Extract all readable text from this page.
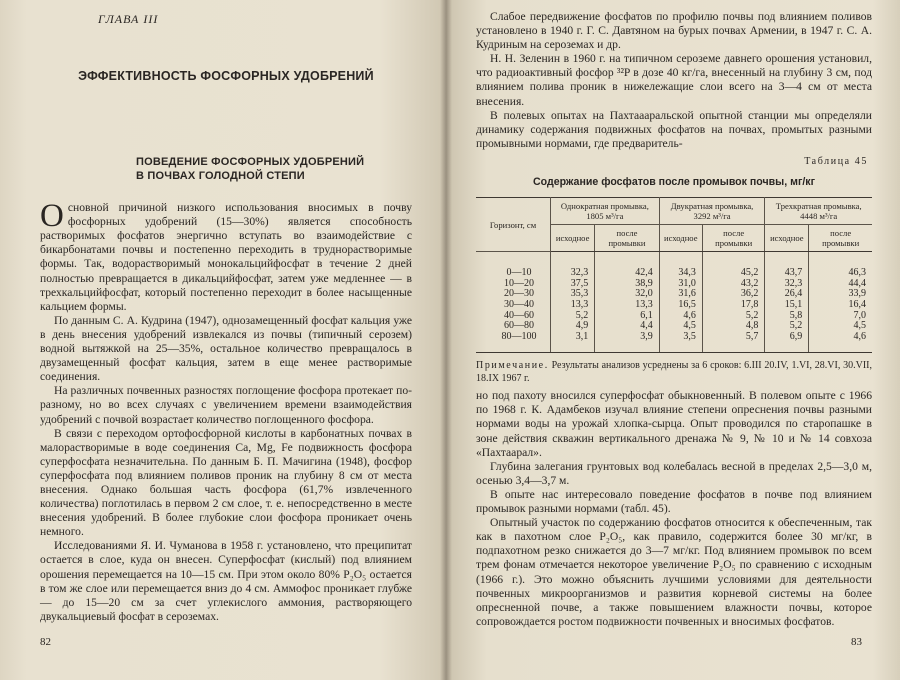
ГЛАВА III
ЭФФЕКТИВНОСТЬ ФОСФОРНЫХ УДОБРЕНИЙ
ПОВЕДЕНИЕ ФОСФОРНЫХ УДОБРЕНИЙ
В ПОЧВАХ ГОЛОДНОЙ СТЕПИ

Основной причиной низкого использования вносимых в почву фосфорных удобрений (15—30%) является способность растворимых фосфатов энергично вступать во взаимодействие с бикарбонатами почвы и постепенно переходить в труднорастворимые формы. Так, водорастворимый монокальцийфосфат в течение 2 дней полностью превращается в дикальцийфосфат, затем уже медленнее — в трехкальцийфосфат, который постепенно переходит в более насыщенные кальцием формы.

По данным С. А. Кудрина (1947), однозамещенный фосфат кальция уже в день внесения удобрений извлекался из почвы (типичный серозем) водной вытяжкой на 25—35%, остальное количество превращалось в двузамещенный фосфат кальция, затем в еще менее растворимые соединения.

На различных почвенных разностях поглощение фосфора протекает по-разному, но во всех случаях с увеличением времени взаимодействия удобрений с почвой возрастает количество поглощенного фосфора.

В связи с переходом ортофосфорной кислоты в карбонатных почвах в малорастворимые в воде соединения Са, Mg, Fe подвижность фосфора суперфосфата незначительна. По данным Б. П. Мачигина (1948), фосфор суперфосфата под влиянием поливов проник на глубину 8 см от места внесения. Однако большая часть фосфора (61,7% извлеченного количества) поглотилась в первом 2 см слое, т. е. непосредственно в месте внесения удобрений. В более глубокие слои фосфора проникает очень немного.

Исследованиями Я. И. Чуманова в 1958 г. установлено, что преципитат остается в слое, куда он внесен. Суперфосфат (кислый) под влиянием орошения перемещается на 10—15 см. При этом около 80% P₂O₅ остается в том же слое или перемещается вниз до 4 см. Аммофос проникает глубже — до 15—20 см за счет углекислого аммония, растворяющего двукальциевый фосфат в сероземах.

82

Слабое передвижение фосфатов по профилю почвы под влиянием поливов установлено в 1940 г. Г. С. Давтяном на бурых почвах Армении, в 1947 г. С. А. Кудриным на сероземах и др.

Н. Н. Зеленин в 1960 г. на типичном сероземе давнего орошения установил, что радиоактивный фосфор ³²P в дозе 40 кг/га, внесенный на глубину 3 см, под влиянием полива проник в нижележащие слои всего на 3—4 см от места внесения.

В полевых опытах на Пахтаааральской опытной станции мы определяли динамику содержания подвижных фосфатов на почвах, промытых разными промывными нормами, где предваритель-

Таблица 45
Содержание фосфатов после промывок почвы, мг/кг
Горизонт, см	Однократная промывка, 1805 м³/га		Двукратная промывка, 3292 м³/га		Трехкратная промывка, 4448 м³/га	
	исходное	после промывки	исходное	после промывки	исходное	после промывки
0—10	32,3	42,4	34,3	45,2	43,7	46,3
10—20	37,5	38,9	31,0	43,2	32,3	44,4
20—30	35,3	32,0	31,6	36,2	26,4	33,9
30—40	13,3	13,3	16,5	17,8	15,1	16,4
40—60	5,2	6,1	4,6	5,2	5,8	7,0
60—80	4,9	4,4	4,5	4,8	5,2	4,5
80—100	3,1	3,9	3,5	5,7	6,9	4,6
Примечание. Результаты анализов усреднены за 6 сроков: 6.III 20.IV, 1.VI, 28.VI, 30.VII, 18.IX 1967 г.

но под пахоту вносился суперфосфат обыкновенный. В полевом опыте с 1966 по 1968 г. К. Адамбеков изучал влияние степени опреснения почвы разными нормами воды на урожай хлопка-сырца. Опыт проводился по старопашке в зоне действия скважин вертикального дренажа № 9, № 10 и № 14 совхоза «Пахтаарал».

Глубина залегания грунтовых вод колебалась весной в пределах 2,5—3,0 м, осенью 3,4—3,7 м.

В опыте нас интересовало поведение фосфатов в почве под влиянием промывок разными нормами (табл. 45).

Опытный участок по содержанию фосфатов относится к обеспеченным, так как в пахотном слое P₂O₅, как правило, содержится более 30 мг/кг, в подпахотном резко снижается до 3—7 мг/кг. Под влиянием промывок по всем трем фонам отмечается некоторое увеличение P₂O₅ по сравнению с исходным (1966 г.). Это можно объяснить лучшими условиями для деятельности почвенных микроорганизмов и развития корневой системы на более опресненной почве, а также повышением влажности почвы, которое сопровождается ростом подвижности почвенных и вносимых фосфатов.

83
